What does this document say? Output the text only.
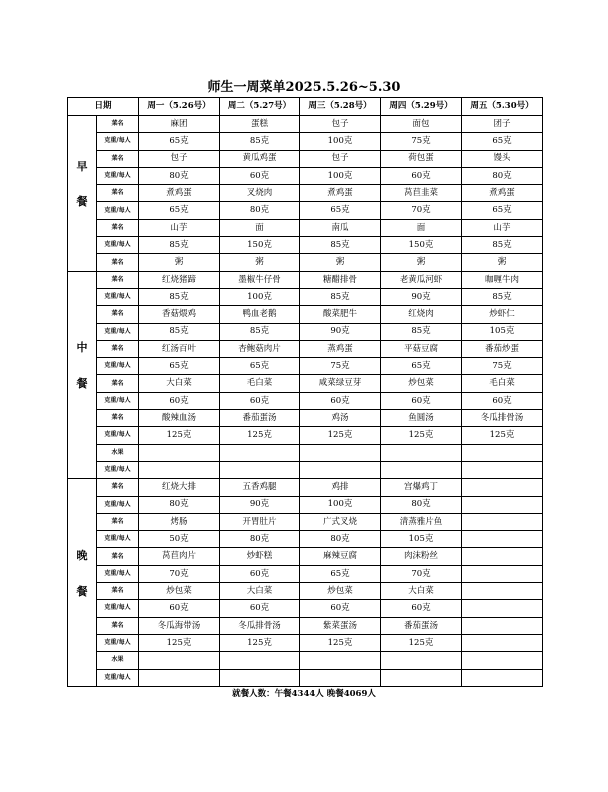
师生一周菜单2025.5.26~5.30
日期		周一（5.26号）	周二（5.27号）	周三（5.28号）	周四（5.29号）	周五（5.30号）

早
餐	菜名	麻团	蛋糕	包子	面包	团子
	克重/每人	65克	85克	100克	75克	65克
	菜名	包子	黄瓜鸡蛋	包子	荷包蛋	馒头
	克重/每人	80克	60克	100克	60克	80克
	菜名	煮鸡蛋	叉烧肉	煮鸡蛋	莴苣韭菜	煮鸡蛋
	克重/每人	65克	80克	65克	70克	65克
	菜名	山芋	面	南瓜	面	山芋
	克重/每人	85克	150克	85克	150克	85克
	菜名	粥	粥	粥	粥	粥

中
餐	菜名	红烧猪蹄	墨椒牛仔骨	糖醋排骨	老黄瓜河虾	咖喱牛肉
	克重/每人	85克	100克	85克	90克	85克
	菜名	香菇煨鸡	鸭血老鹅	酸菜肥牛	红烧肉	炒虾仁
	克重/每人	85克	85克	90克	85克	105克
	菜名	红汤百叶	杏鲍菇肉片	蒸鸡蛋	平菇豆腐	番茄炒蛋
	克重/每人	65克	65克	75克	65克	75克
	菜名	大白菜	毛白菜	咸菜绿豆芽	炒包菜	毛白菜
	克重/每人	60克	60克	60克	60克	60克
	菜名	酸辣血汤	番茄蛋汤	鸡汤	鱼圆汤	冬瓜排骨汤
	克重/每人	125克	125克	125克	125克	125克
	水果					
	克重/每人					

晚
餐	菜名	红烧大排	五香鸡腿	鸡排	宫爆鸡丁	
	克重/每人	80克	90克	100克	80克	
	菜名	烤肠	开胃肚片	广式叉烧	清蒸雅片鱼	
	克重/每人	50克	80克	80克	105克	
	菜名	莴苣肉片	炒虾糕	麻辣豆腐	肉沫粉丝	
	克重/每人	70克	60克	65克	70克	
	菜名	炒包菜	大白菜	炒包菜	大白菜	
	克重/每人	60克	60克	60克	60克	
	菜名	冬瓜海带汤	冬瓜排骨汤	紫菜蛋汤	番茄蛋汤	
	克重/每人	125克	125克	125克	125克	
	水果					
	克重/每人					
就餐人数：午餐4344人 晚餐4069人
